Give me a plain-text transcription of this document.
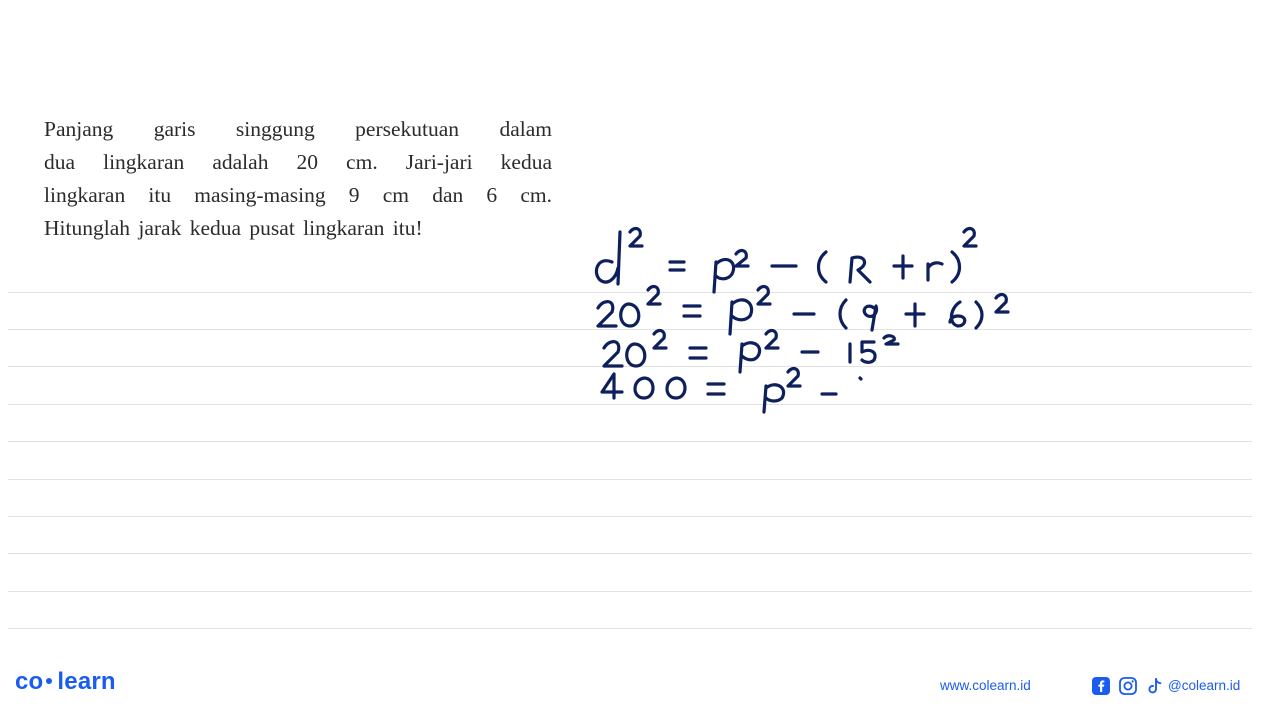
Panjang garis singgung persekutuan dalam
dua lingkaran adalah 20 cm. Jari-jari kedua
lingkaran itu masing-masing 9 cm dan 6 cm.
Hitunglah jarak kedua pusat lingkaran itu!
co learn	www.colearn.id	@colearn.id
